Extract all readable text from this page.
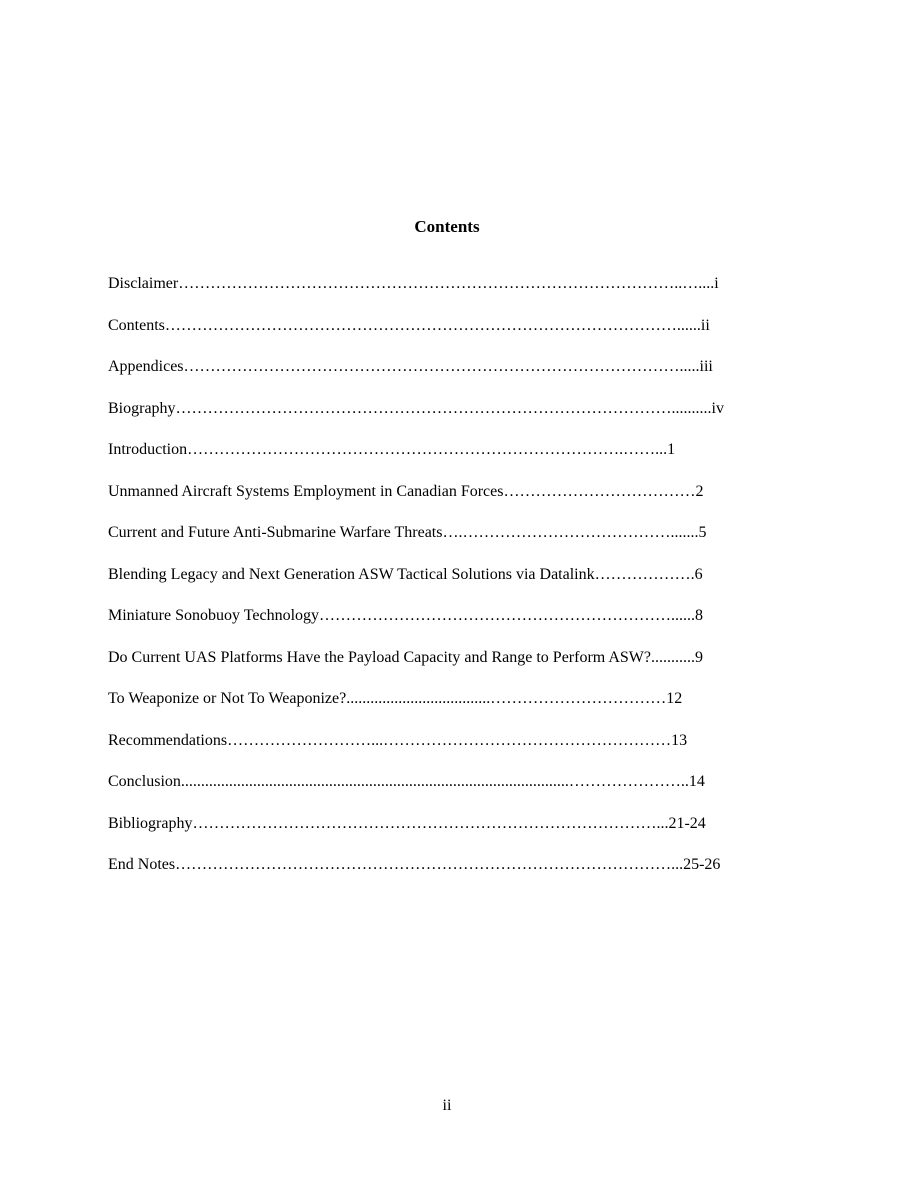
Contents
Disclaimer…………………………………………………………………………………..…....i
Contents……………………………………………………………………………………......ii
Appendices………………………………………………………………………………….....iii
Biography…………………………………………………………………………………..........iv
Introduction……………………………………………………………………….……...1
Unmanned Aircraft Systems Employment in Canadian Forces………………………………2
Current and Future Anti-Submarine Warfare Threats….………………………………….......5
Blending Legacy and Next Generation ASW Tactical Solutions via Datalink……………….6
Miniature Sonobuoy Technology…………………………………………………………......8
Do Current UAS Platforms Have the Payload Capacity and Range to Perform ASW?...........9
To Weaponize or Not To Weaponize?....................................……………………………12
Recommendations………………………...………………………………………………13
Conclusion.................................................................................................…………………..14
Bibliography……………………………………………………………………………...21-24
End Notes…………………………………………………………………………………...25-26
ii
